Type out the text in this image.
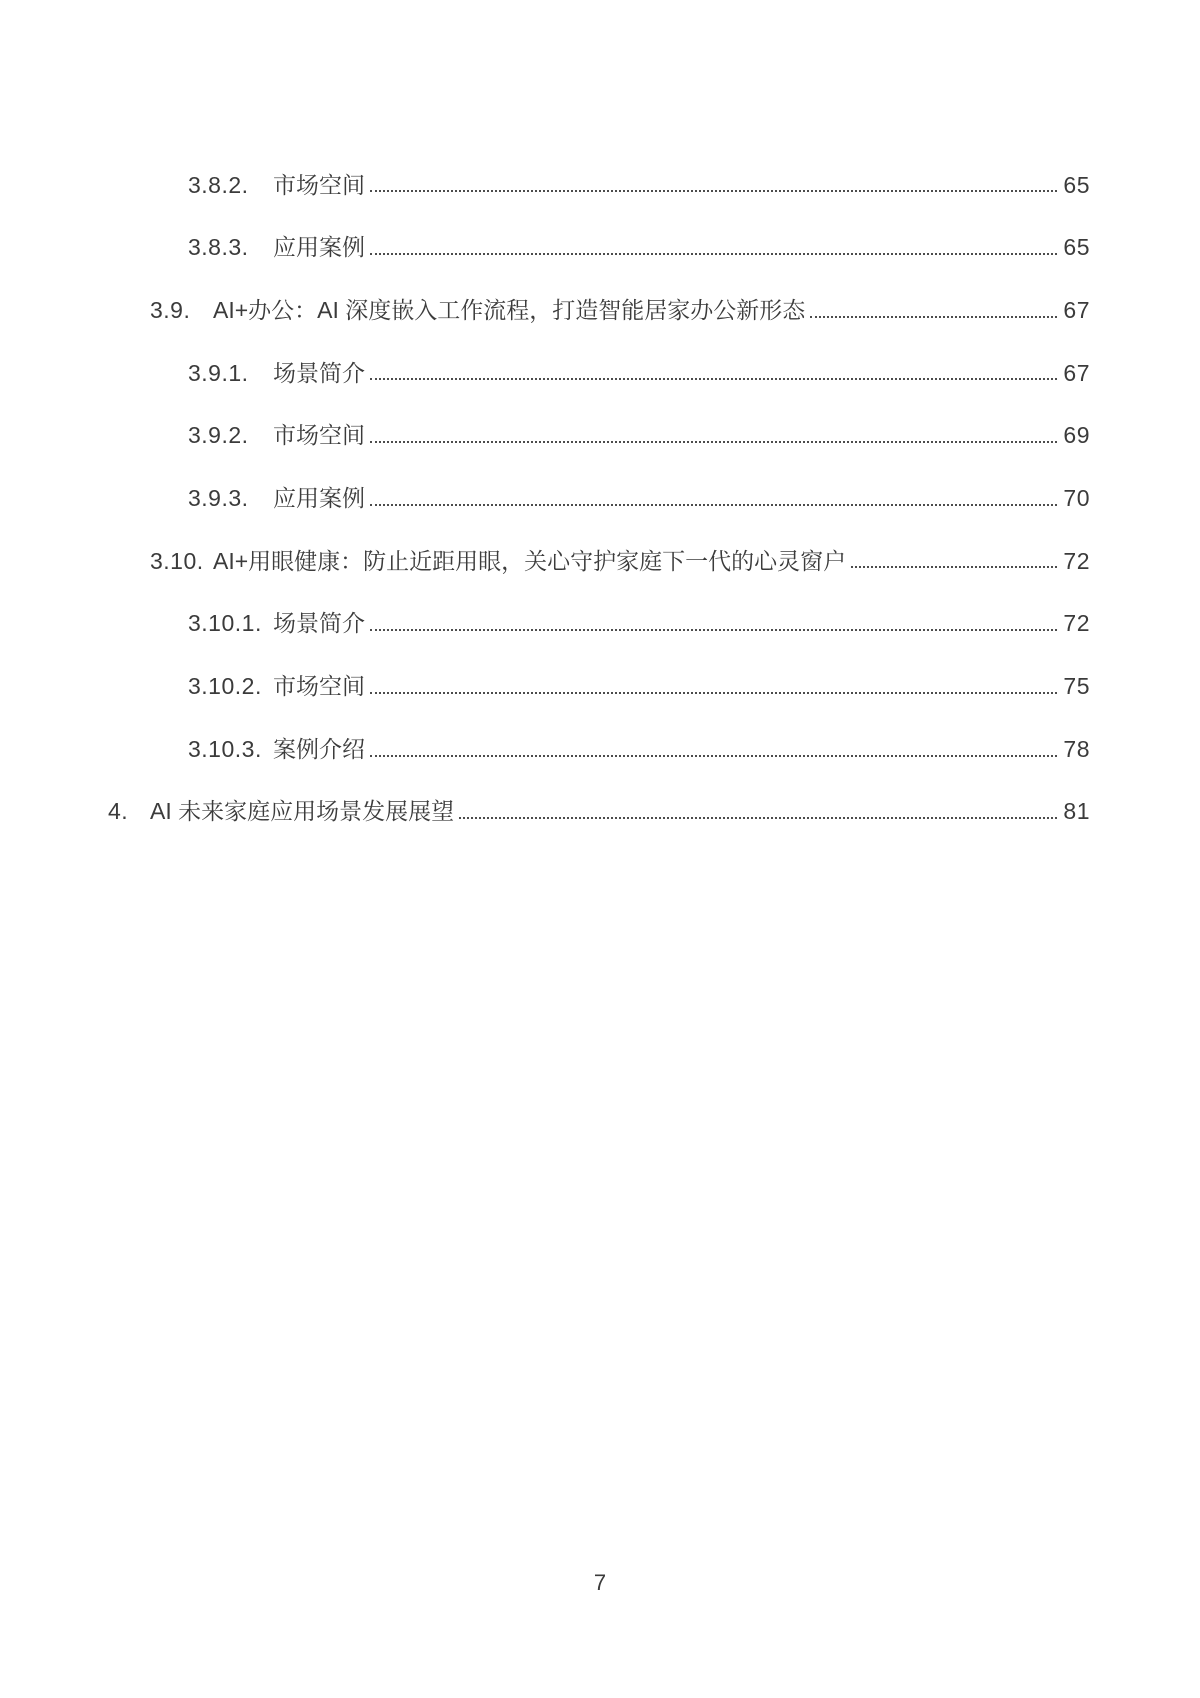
3.8.2.	市场空间	65
3.8.3.	应用案例	65
3.9. AI+办公：AI 深度嵌入工作流程，打造智能居家办公新形态	67
3.9.1.	场景简介	67
3.9.2.	市场空间	69
3.9.3.	应用案例	70
3.10. AI+用眼健康：防止近距用眼，关心守护家庭下一代的心灵窗户	72
3.10.1. 场景简介	72
3.10.2. 市场空间	75
3.10.3. 案例介绍	78
4. AI 未来家庭应用场景发展展望	81
7
